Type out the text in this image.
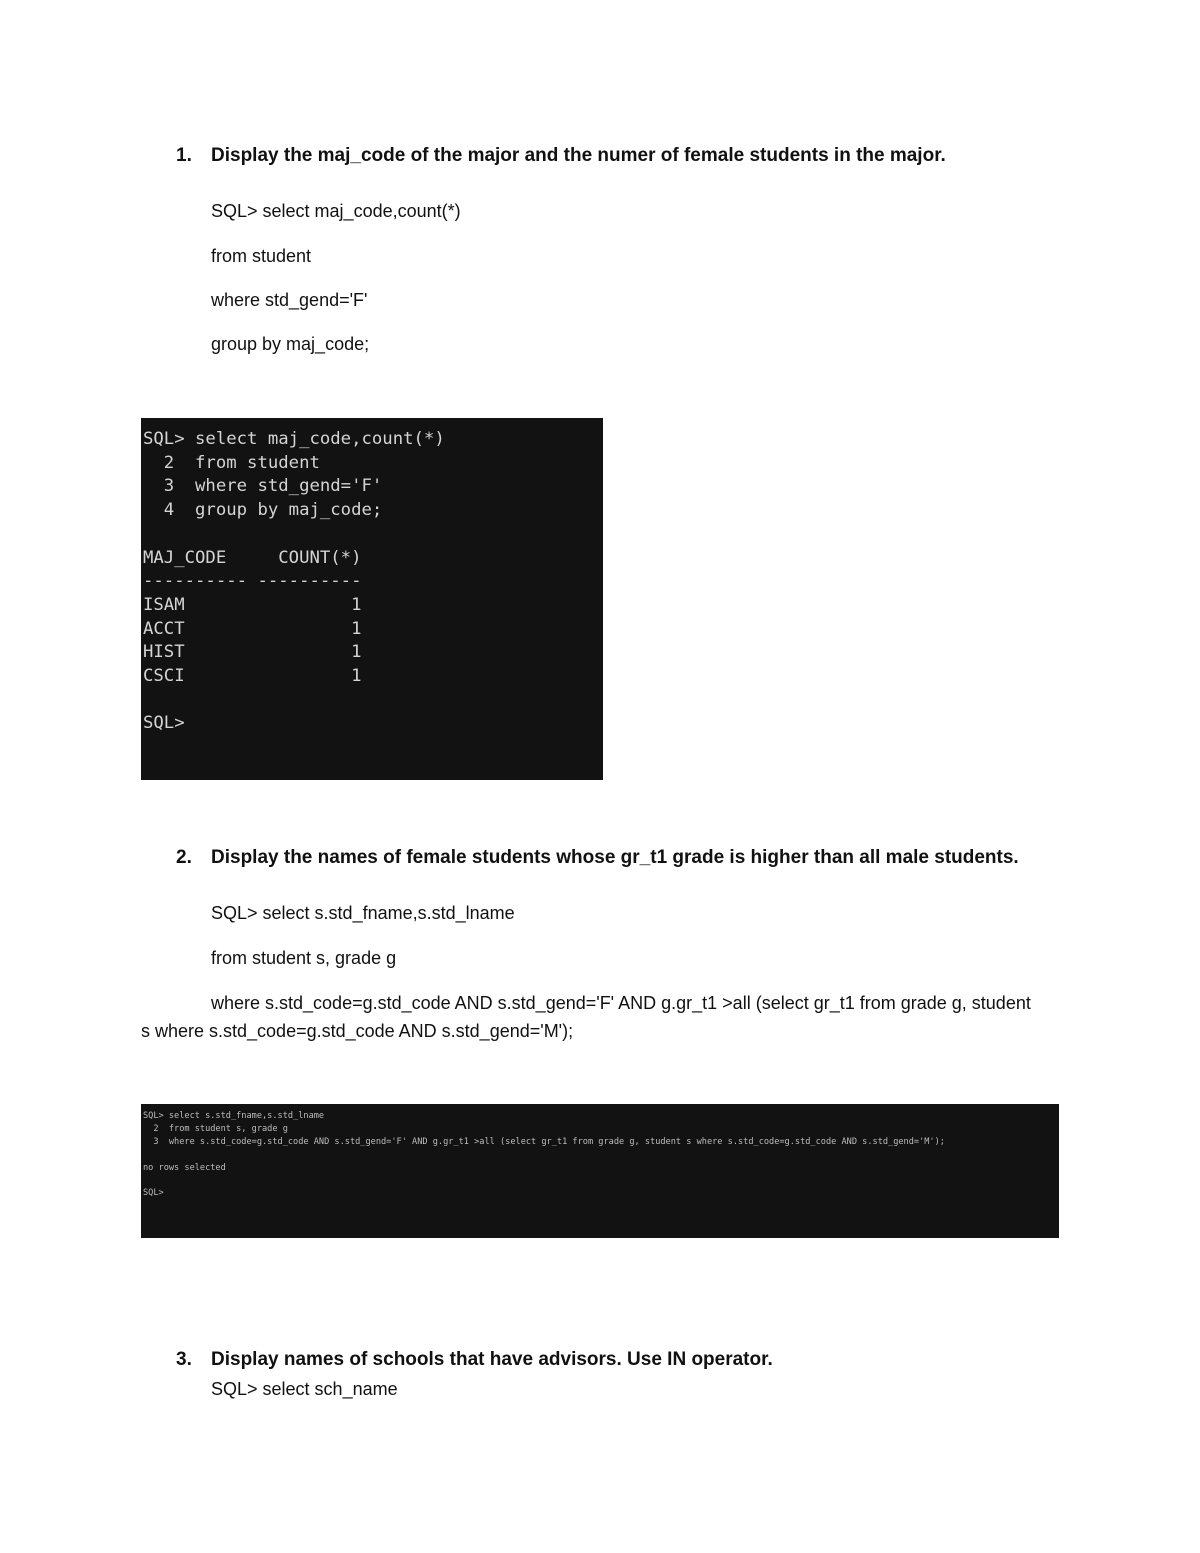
1. Display the maj_code of the major and the numer of female students in the major.
SQL> select maj_code,count(*)
from student
where std_gend='F'
group by maj_code;
SQL> select maj_code,count(*)
2  from student
3  where std_gend='F'
4  group by maj_code;
MAJ_CODE     COUNT(*)
---------- ----------
ISAM                1
ACCT                1
HIST                1
CSCI                1
SQL>
2. Display the names of female students whose gr_t1 grade is higher than all male students.
SQL> select s.std_fname,s.std_lname
from student s, grade g
where s.std_code=g.std_code AND s.std_gend='F' AND g.gr_t1 >all (select gr_t1 from grade g, student s where s.std_code=g.std_code AND s.std_gend='M');
SQL> select s.std_fname,s.std_lname
2  from student s, grade g
3  where s.std_code=g.std_code AND s.std_gend='F' AND g.gr_t1 >all (select gr_t1 from grade g, student s where s.std_code=g.std_code AND s.std_gend='M');
no rows selected
SQL>
3. Display names of schools that have advisors. Use IN operator.
SQL> select sch_name
